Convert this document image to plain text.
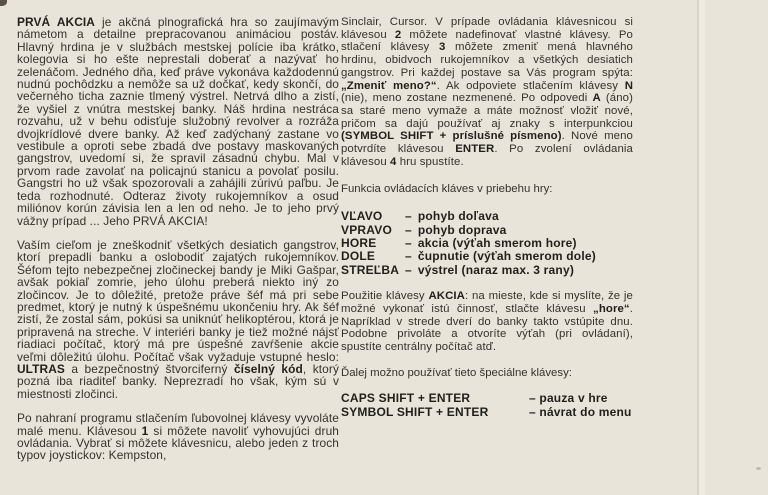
PRVÁ AKCIA je akčná plnografická hra so zaujímavým námetom a detailne prepracovanou animáciou postáv. Hlavný hrdina je v službách mestskej polície iba krátko, kolegovia si ho ešte neprestali doberať a nazývať ho zelenáčom. Jedného dňa, keď práve vykonáva každodennú nudnú pochôdzku a nemôže sa už dočkať, kedy skončí, do večerného ticha zaznie tlmený výstrel. Netrvá dlho a zistí, že vyšiel z vnútra mestskej banky. Náš hrdina nestráca rozvahu, už v behu odisťuje služobný revolver a rozráža dvojkrídlové dvere banky. Až keď zadýchaný zastane vo vestibule a oproti sebe zbadá dve postavy maskovaných gangstrov, uvedomí si, že spravil zásadnú chybu. Mal v prvom rade zavolať na policajnú stanicu a povolať posilu. Gangstri ho už však spozorovali a zahájili zúrivú paľbu. Je teda rozhodnuté. Odteraz životy rukojemníkov a osud miliónov korún závisia len a len od neho. Je to jeho prvý vážny prípad ... Jeho PRVÁ AKCIA!

Vaším cieľom je zneškodniť všetkých desiatich gangstrov, ktorí prepadli banku a oslobodiť zajatých rukojemníkov. Šéfom tejto nebezpečnej zločineckej bandy je Miki Gašpar, avšak pokiaľ zomrie, jeho úlohu preberá niekto iný zo zločincov. Je to dôležité, pretože práve šéf má pri sebe predmet, ktorý je nutný k úspešnému ukončeniu hry. Ak šéf zistí, že zostal sám, pokúsi sa uniknúť helikoptérou, ktorá je pripravená na streche. V interiéri banky je tiež možné nájsť riadiaci počítač, ktorý má pre úspešné zavŕšenie akcie veľmi dôležitú úlohu. Počítač však vyžaduje vstupné heslo: ULTRAS a bezpečnostný štvorciferný číselný kód, ktorý pozná iba riaditeľ banky. Neprezradí ho však, kým sú v miestnosti zločinci.

Po nahraní programu stlačením ľubovolnej klávesy vyvoláte malé menu. Klávesou 1 si môžete navoliť vyhovujúci druh ovládania. Vybrať si môžete klávesnicu, alebo jeden z troch typov joystickov: Kempston,

Sinclair, Cursor. V prípade ovládania klávesnicou si klávesou 2 môžete nadefinovať vlastné klávesy. Po stlačení klávesy 3 môžete zmeniť mená hlavného hrdinu, obidvoch rukojemníkov a všetkých desiatich gangstrov. Pri každej postave sa Vás program spýta: „Zmeniť meno?“. Ak odpoviete stlačením klávesy N (nie), meno zostane nezmenené. Po odpovedi A (áno) sa staré meno vymaže a máte možnosť vložiť nové, pričom sa dajú používať aj znaky s interpunkciou (SYMBOL SHIFT + príslušné písmeno). Nové meno potvrdíte klávesou ENTER. Po zvolení ovládania klávesou 4 hru spustíte.

Funkcia ovládacích kláves v priebehu hry:
VĽAVO	– pohyb doľava
VPRAVO	– pohyb doprava
HORE	– akcia (výťah smerom hore)
DOLE	– čupnutie (výťah smerom dole)
STREĽBA – výstrel (naraz max. 3 rany)

Použitie klávesy AKCIA: na mieste, kde si myslíte, že je možné vykonať istú činnosť, stlačte klávesu „hore“. Napríklad v strede dverí do banky takto vstúpite dnu. Podobne privoláte a otvoríte výťah (pri ovládaní), spustíte centrálny počítač atď.

Ďalej možno používať tieto špeciálne klávesy:
CAPS SHIFT + ENTER	– pauza v hre
SYMBOL SHIFT + ENTER	– návrat do menu
